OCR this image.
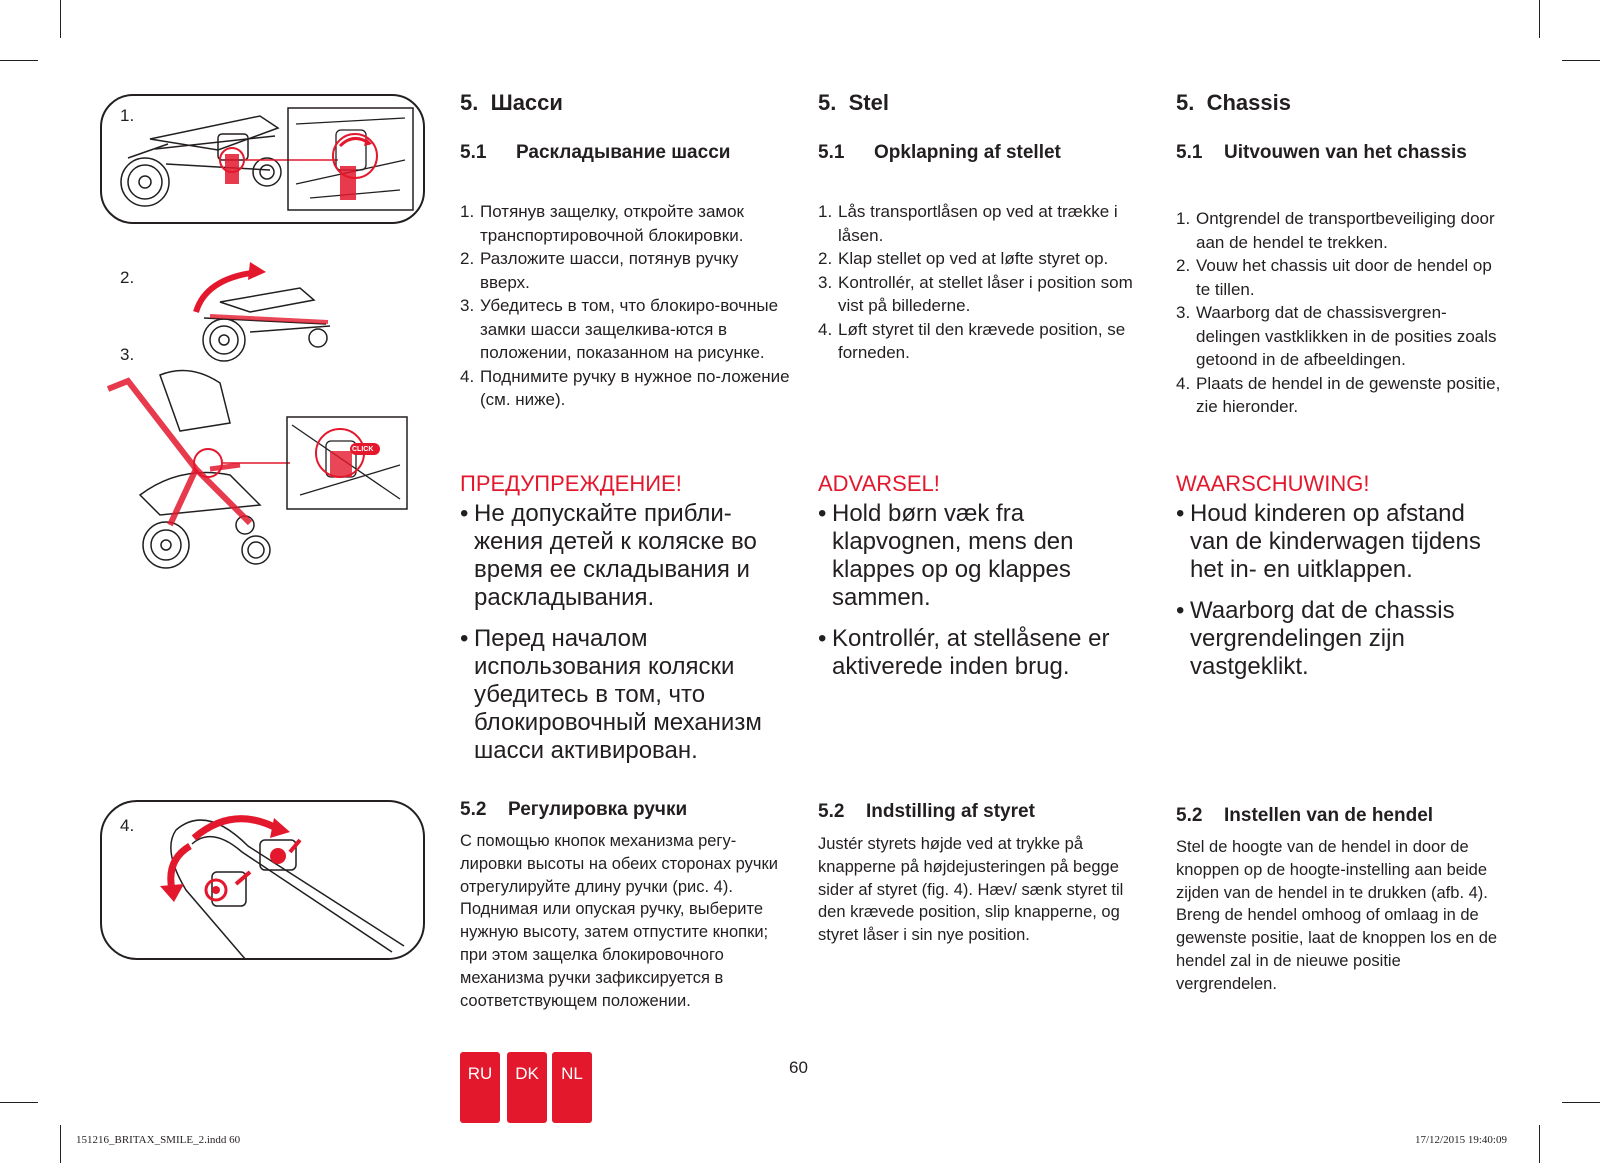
1.
2.
3.
CLICK
4.
5. Шасси
5.1 Раскладывание шасси
1. Потянув защелку, откройте замок транспортировочной блокировки.
2. Разложите шасси, потянув ручку вверх.
3. Убедитесь в том, что блокиро-вочные замки шасси защелкива-ются в положении, показанном на рисунке.
4. Поднимите ручку в нужное по-ложение (см. ниже).
ПРЕДУПРЕЖДЕНИЕ!
• Не допускайте прибли-жения детей к коляске во время ее складывания и раскладывания.
• Перед началом использования коляски убедитесь в том, что блокировочный механизм шасси активирован.
5.2 Регулировка ручки

С помощью кнопок механизма регу-лировки высоты на обеих сторонах ручки отрегулируйте длину ручки (рис. 4). Поднимая или опуская ручку, выберите нужную высоту, затем отпустите кнопки; при этом защелка блокировочного механизма ручки зафиксируется в соответствующем положении.

5. Stel
5.1 Opklapning af stellet
1. Lås transportlåsen op ved at trække i låsen.
2. Klap stellet op ved at løfte styret op.
3. Kontrollér, at stellet låser i position som vist på billederne.
4. Løft styret til den krævede position, se forneden.
ADVARSEL!
• Hold børn væk fra klapvognen, mens den klappes op og klappes sammen.
• Kontrollér, at stellåsene er aktiverede inden brug.
5.2 Indstilling af styret

Justér styrets højde ved at trykke på knapperne på højdejusteringen på begge sider af styret (fig. 4). Hæv/ sænk styret til den krævede position, slip knapperne, og styret låser i sin nye position.

5. Chassis
5.1 Uitvouwen van het chassis
1. Ontgrendel de transportbeveiliging door aan de hendel te trekken.
2. Vouw het chassis uit door de hendel op te tillen.
3. Waarborg dat de chassisvergren-delingen vastklikken in de posities zoals getoond in de afbeeldingen.
4. Plaats de hendel in de gewenste positie, zie hieronder.
WAARSCHUWING!
• Houd kinderen op afstand van de kinderwagen tijdens het in- en uitklappen.
• Waarborg dat de chassis vergrendelingen zijn vastgeklikt.
5.2 Instellen van de hendel

Stel de hoogte van de hendel in door de knoppen op de hoogte-instelling aan beide zijden van de hendel in te drukken (afb. 4). Breng de hendel omhoog of omlaag in de gewenste positie, laat de knoppen los en de hendel zal in de nieuwe positie vergrendelen.

RU	DK	NL	60
151216_BRITAX_SMILE_2.indd 60	17/12/2015 19:40:09
